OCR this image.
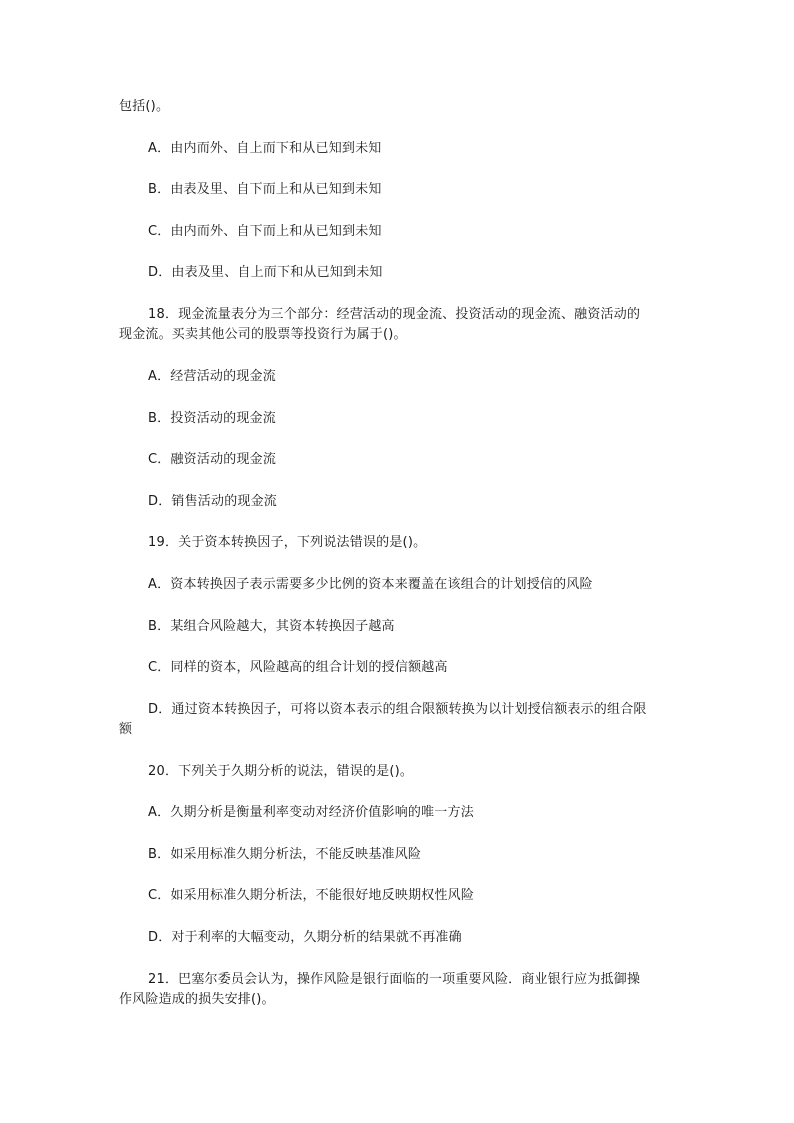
包括()。
A．由内而外、自上而下和从已知到未知
B．由表及里、自下而上和从已知到未知
C．由内而外、自下而上和从已知到未知
D．由表及里、自上而下和从已知到未知
18．现金流量表分为三个部分：经营活动的现金流、投资活动的现金流、融资活动的
现金流。买卖其他公司的股票等投资行为属于()。
A．经营活动的现金流
B．投资活动的现金流
C．融资活动的现金流
D．销售活动的现金流
19．关于资本转换因子，下列说法错误的是()。
A．资本转换因子表示需要多少比例的资本来覆盖在该组合的计划授信的风险
B．某组合风险越大，其资本转换因子越高
C．同样的资本，风险越高的组合计划的授信额越高
D．通过资本转换因子，可将以资本表示的组合限额转换为以计划授信额表示的组合限
额
20．下列关于久期分析的说法，错误的是()。
A．久期分析是衡量利率变动对经济价值影响的唯一方法
B．如采用标准久期分析法，不能反映基准风险
C．如采用标准久期分析法，不能很好地反映期权性风险
D．对于利率的大幅变动，久期分析的结果就不再准确
21．巴塞尔委员会认为，操作风险是银行面临的一项重要风险．商业银行应为抵御操
作风险造成的损失安排()。
